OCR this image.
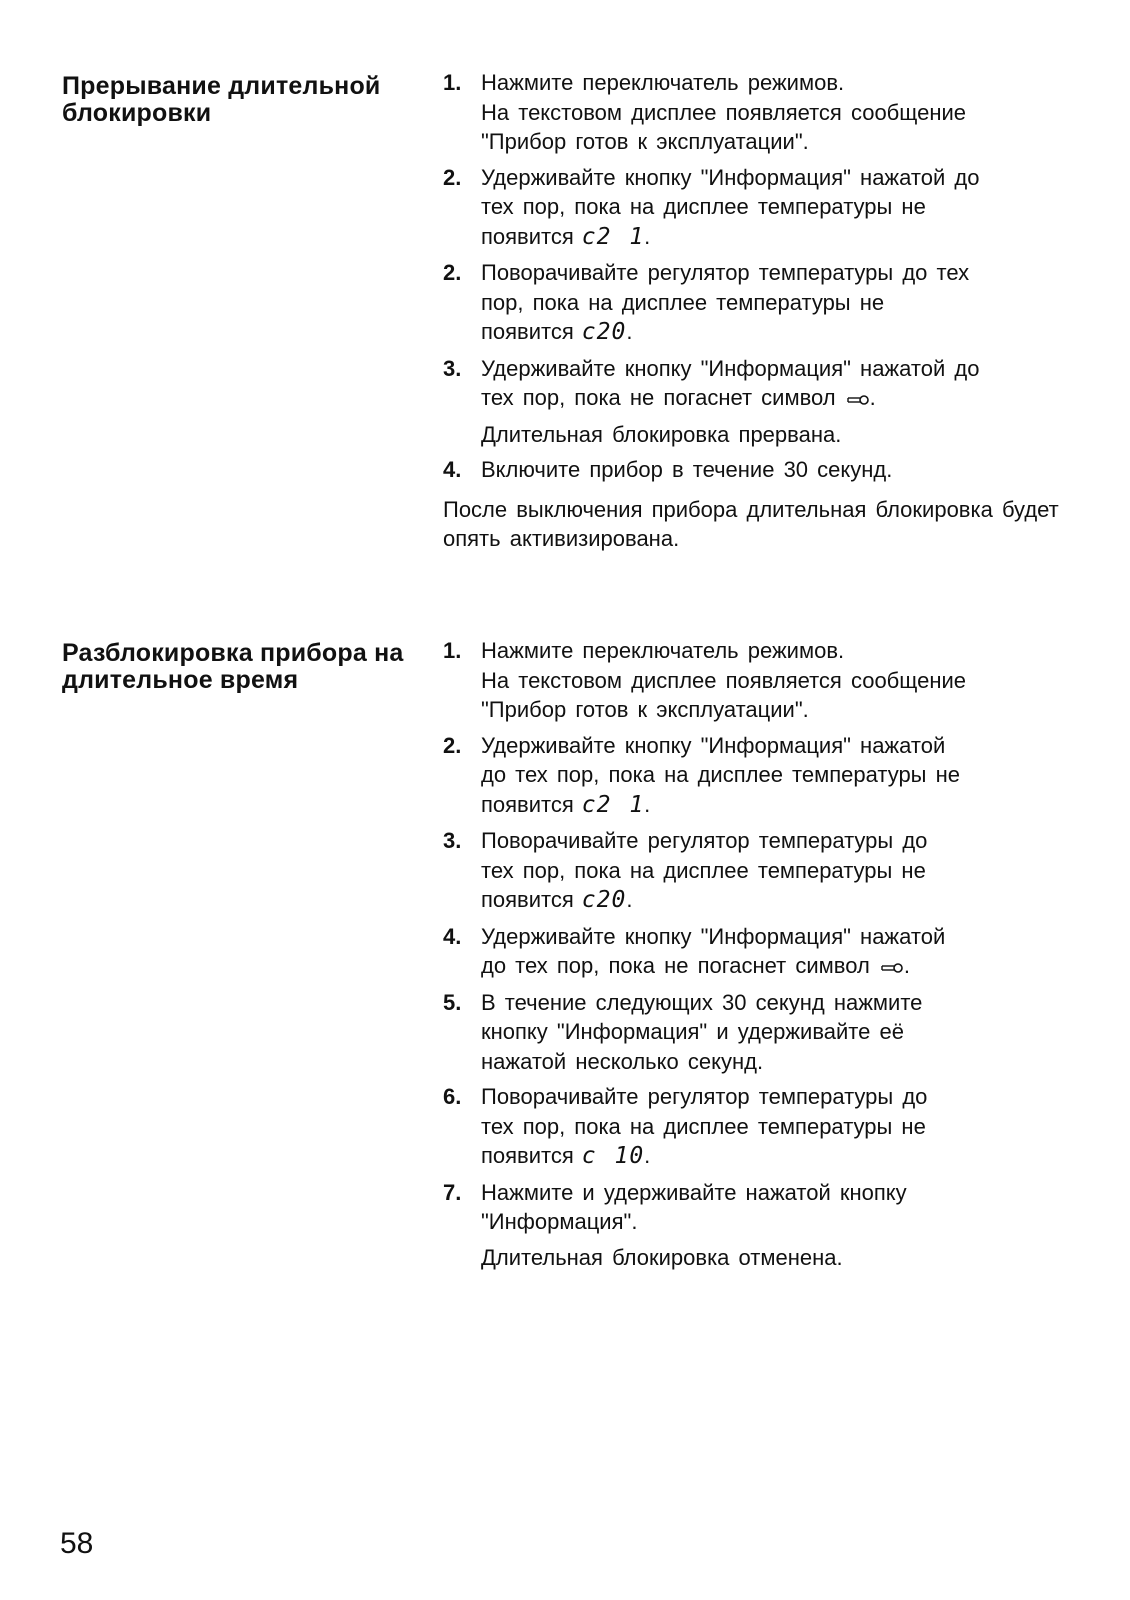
Прерывание длительной блокировки
1. Нажмите переключатель режимов.
На текстовом дисплее появляется сообщение
"Прибор готов к эксплуатации".
2. Удерживайте кнопку "Информация" нажатой до
тех пор, пока на дисплее температуры не
появится c2 1.
2. Поворачивайте регулятор температуры до тех
пор, пока на дисплее температуры не
появится c20.
3. Удерживайте кнопку "Информация" нажатой до
тех пор, пока не погаснет символ .
Длительная блокировка прервана.
4. Включите прибор в течение 30 секунд.
После выключения прибора длительная блокировка будет опять активизирована.
Разблокировка прибора на длительное время
1. Нажмите переключатель режимов.
На текстовом дисплее появляется сообщение
"Прибор готов к эксплуатации".
2. Удерживайте кнопку "Информация" нажатой
до тех пор, пока на дисплее температуры не
появится c2 1.
3. Поворачивайте регулятор температуры до
тех пор, пока на дисплее температуры не
появится c20.
4. Удерживайте кнопку "Информация" нажатой
до тех пор, пока не погаснет символ .
5. В течение следующих 30 секунд нажмите
кнопку "Информация" и удерживайте её
нажатой несколько секунд.
6. Поворачивайте регулятор температуры до
тех пор, пока на дисплее температуры не
появится c 10.
7. Нажмите и удерживайте нажатой кнопку
"Информация".
Длительная блокировка отменена.
58
